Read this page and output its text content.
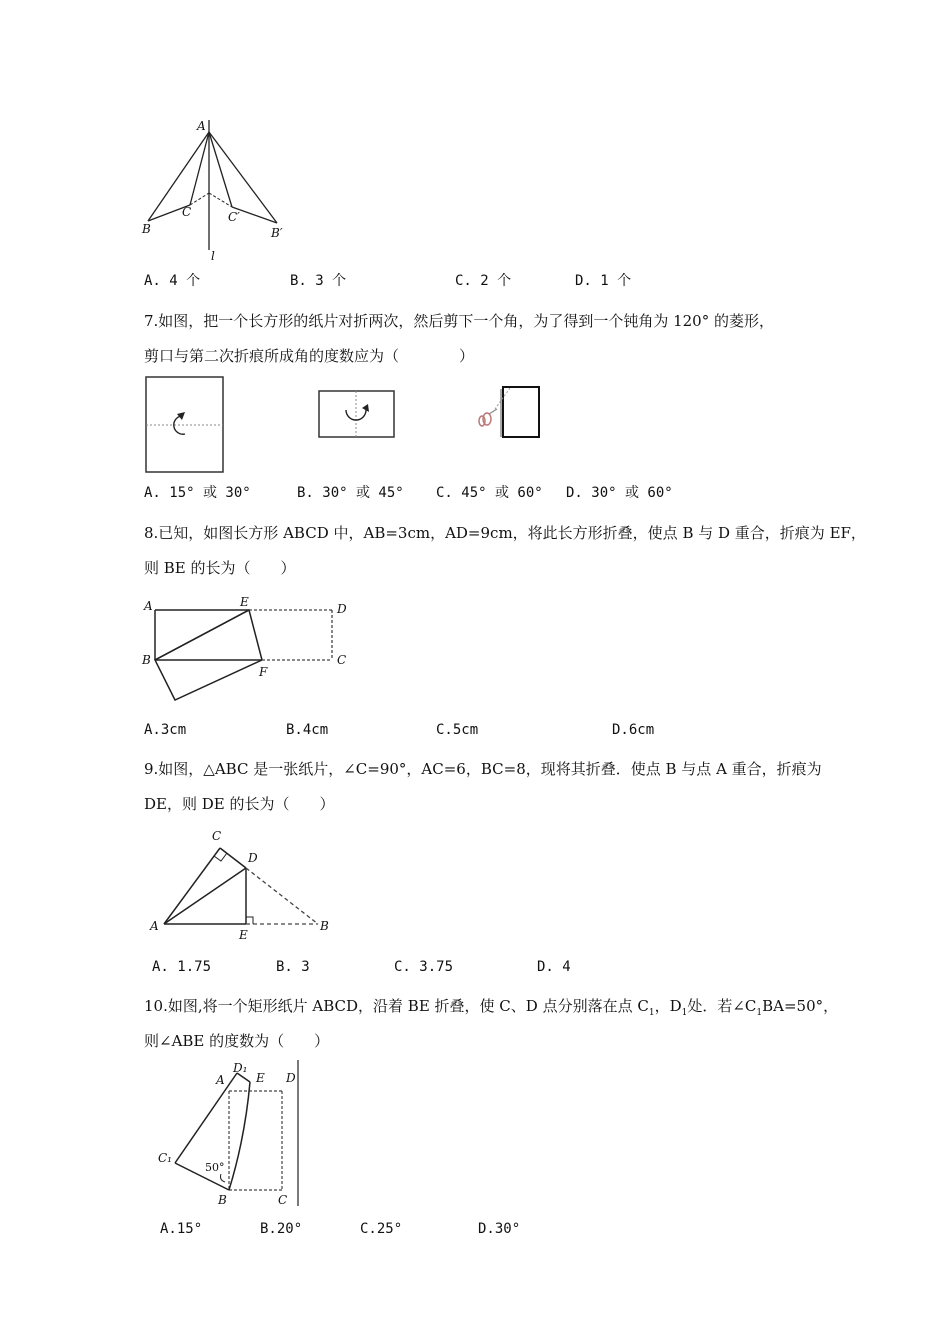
A
B
C	C′
B′
l
A. 4 个	B. 3 个	C. 2 个	D. 1 个
7.如图，把一个长方形的纸片对折两次，然后剪下一个角，为了得到一个钝角为 120° 的菱形，
剪口与第二次折痕所成角的度数应为（　　　　）
A. 15° 或 30°	B. 30° 或 45° C. 45° 或 60° D. 30° 或 60°
8.已知，如图长方形 ABCD 中，AB=3cm，AD=9cm，将此长方形折叠，使点 B 与 D 重合，折痕为 EF，
则 BE 的长为（　　）
A	E	D
B
F
C
A.3cm	B.4cm	C.5cm	D.6cm
9.如图，△ABC 是一张纸片，∠C=90°，AC=6，BC=8，现将其折叠．使点 B 与点 A 重合，折痕为
DE，则 DE 的长为（　　）
C
D
A
E
B
A. 1.75	B. 3	C. 3.75	D. 4
10.如图,将一个矩形纸片 ABCD，沿着 BE 折叠，使 C、D 点分别落在点 $C_1$，$D_1$处．若$\angle C_1BA=50^\circ$，
则∠ABE 的度数为（　　）
A
D₁
E D
C₁
50°
B	C
A.15°	B.20°	C.25°	D.30°
